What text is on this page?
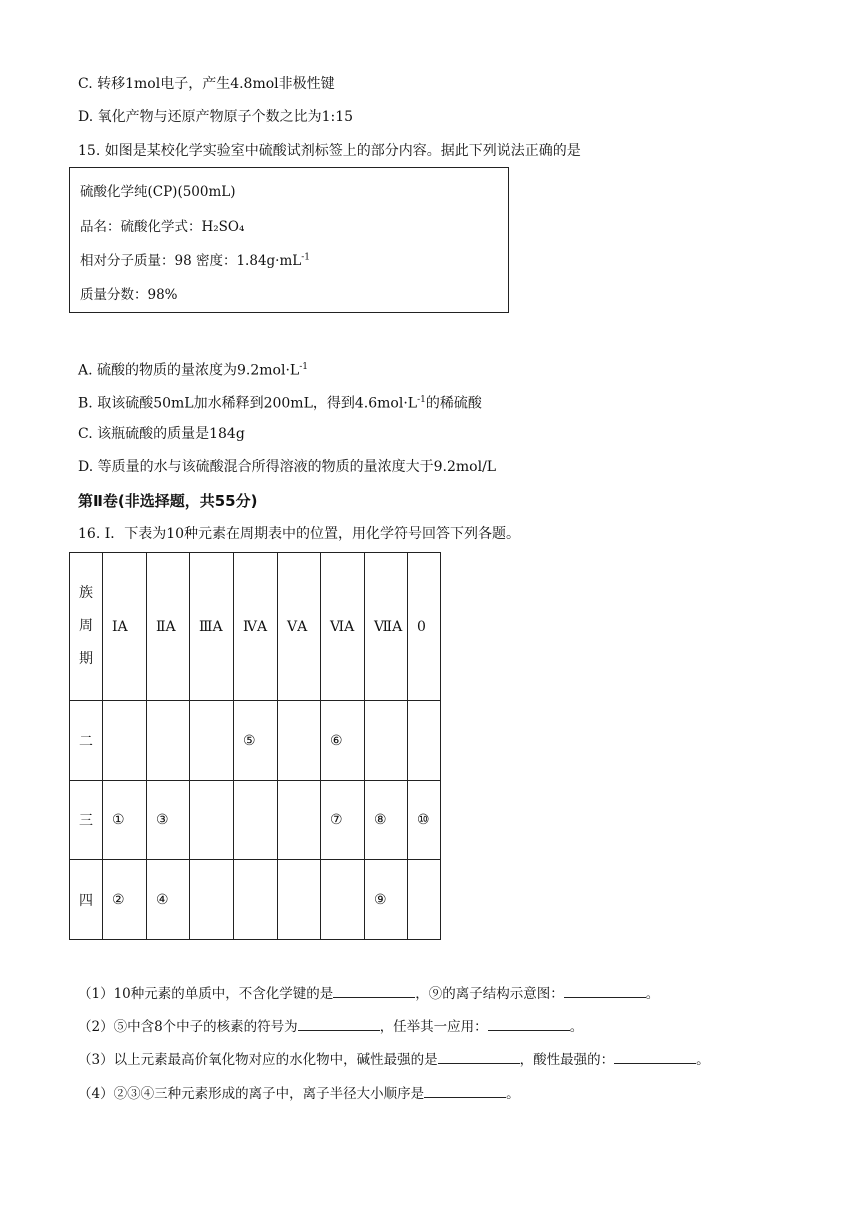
C. 转移1mol电子，产生4.8mol非极性键
D. 氧化产物与还原产物原子个数之比为1:15
15. 如图是某校化学实验室中硫酸试剂标签上的部分内容。据此下列说法正确的是
硫酸化学纯(CP)(500mL)
品名：硫酸化学式：H₂SO₄
相对分子质量：98 密度：$1.84g\cdot mL^{-1}$
质量分数：98%
A. 硫酸的物质的量浓度为$9.2mol\cdot L^{-1}$
B. 取该硫酸50mL加水稀释到200mL，得到$4.6mol\cdot L^{-1}$的稀硫酸
C. 该瓶硫酸的质量是184g
D. 等质量的水与该硫酸混合所得溶液的物质的量浓度大于9.2mol/L
第Ⅱ卷(非选择题，共55分)
16. Ⅰ．下表为10种元素在周期表中的位置，用化学符号回答下列各题。
族
周
期	ⅠA	ⅡA	ⅢA	ⅣA	ⅤA	ⅥA	ⅦA	0
二				⑤		⑥		
三	①	③				⑦	⑧	⑩
四	②	④					⑨	
（1）10种元素的单质中，不含化学键的是	，⑨的离子结构示意图：	。
（2）⑤中含8个中子的核素的符号为	，任举其一应用：	。
（3）以上元素最高价氧化物对应的水化物中，碱性最强的是	，酸性最强的：	。
（4）②③④三种元素形成的离子中，离子半径大小顺序是	。
